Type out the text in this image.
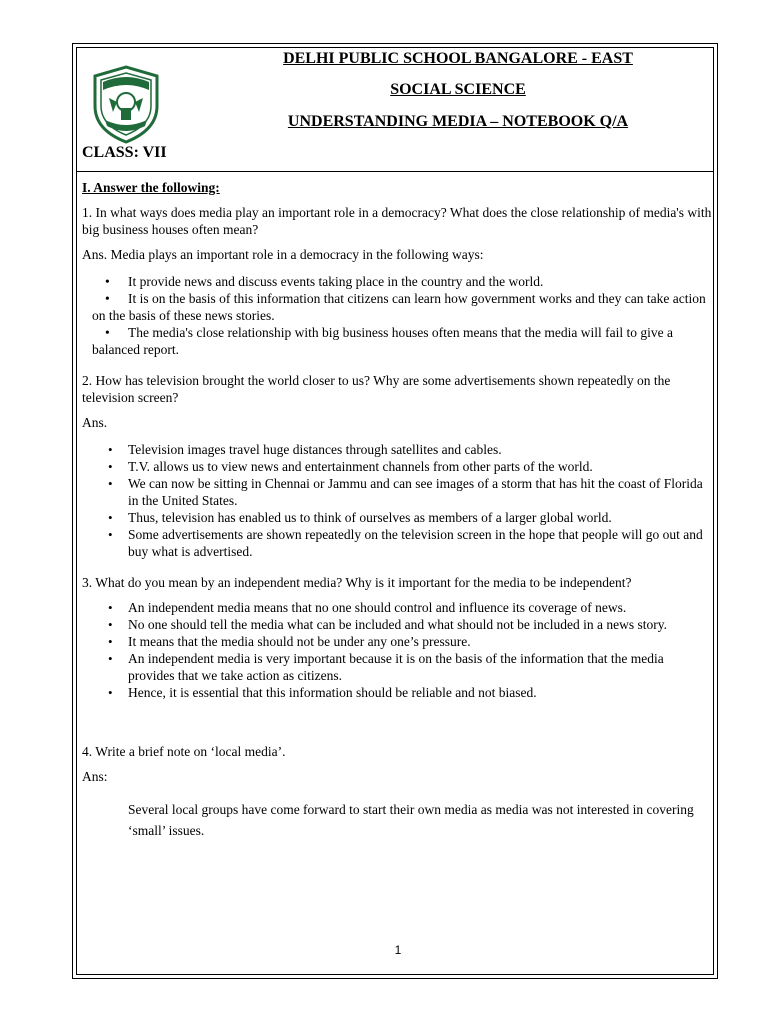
DELHI PUBLIC SCHOOL BANGALORE - EAST
SOCIAL SCIENCE
UNDERSTANDING MEDIA – NOTEBOOK Q/A
CLASS: VII
I. Answer the following:
1. In what ways does media play an important role in a democracy? What does the close relationship of media's with big business houses often mean?
Ans. Media plays an important role in a democracy in the following ways:
• It provide news and discuss events taking place in the country and the world.
• It is on the basis of this information that citizens can learn how government works and they can take action on the basis of these news stories.
• The media's close relationship with big business houses often means that the media will fail to give a balanced report.
2. How has television brought the world closer to us? Why are some advertisements shown repeatedly on the television screen?
Ans.
• Television images travel huge distances through satellites and cables.
• T.V. allows us to view news and entertainment channels from other parts of the world.
• We can now be sitting in Chennai or Jammu and can see images of a storm that has hit the coast of Florida in the United States.
• Thus, television has enabled us to think of ourselves as members of a larger global world.
• Some advertisements are shown repeatedly on the television screen in the hope that people will go out and buy what is advertised.
3. What do you mean by an independent media? Why is it important for the media to be independent?
• An independent media means that no one should control and influence its coverage of news.
• No one should tell the media what can be included and what should not be included in a news story.
• It means that the media should not be under any one’s pressure.
• An independent media is very important because it is on the basis of the information that the media provides that we take action as citizens.
• Hence, it is essential that this information should be reliable and not biased.
4. Write a brief note on ‘local media’.
Ans:
Several local groups have come forward to start their own media as media was not interested in covering ‘small’ issues.
1
